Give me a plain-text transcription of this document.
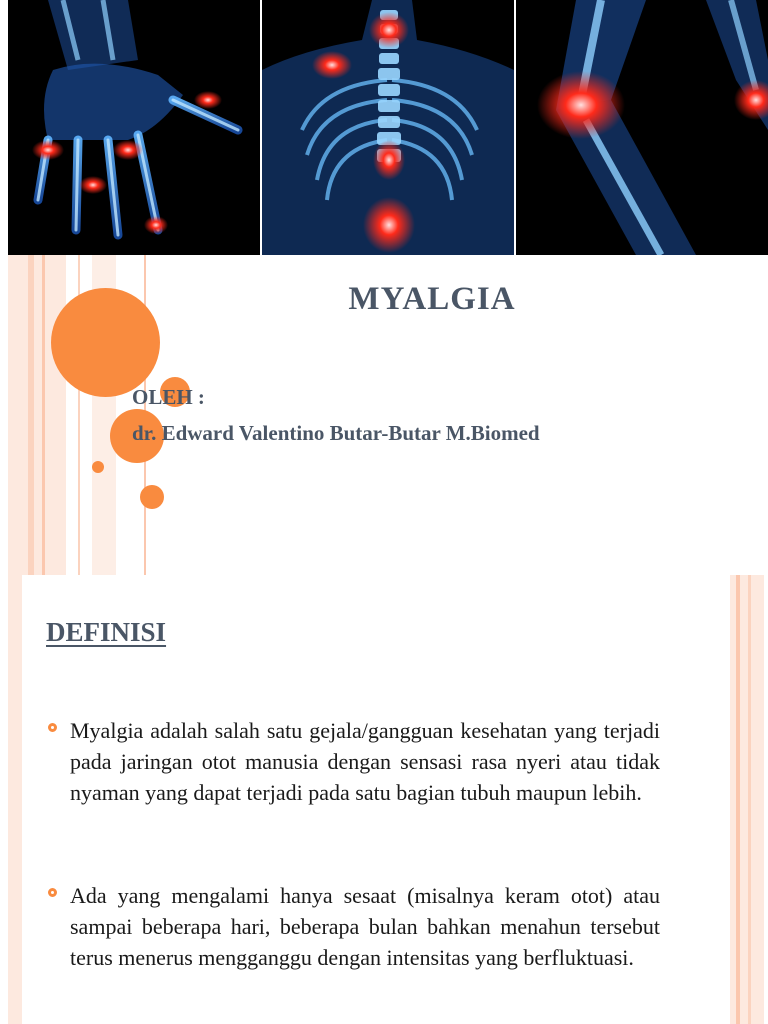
MYALGIA
OLEH :
dr. Edward Valentino Butar-Butar M.Biomed
DEFINISI
Myalgia adalah salah satu gejala/gangguan kesehatan yang terjadi pada jaringan otot manusia dengan sensasi rasa nyeri atau tidak nyaman yang dapat terjadi pada satu bagian tubuh maupun lebih.
Ada yang mengalami hanya sesaat (misalnya keram otot) atau sampai beberapa hari, beberapa bulan bahkan menahun tersebut terus menerus mengganggu dengan intensitas yang berfluktuasi.
